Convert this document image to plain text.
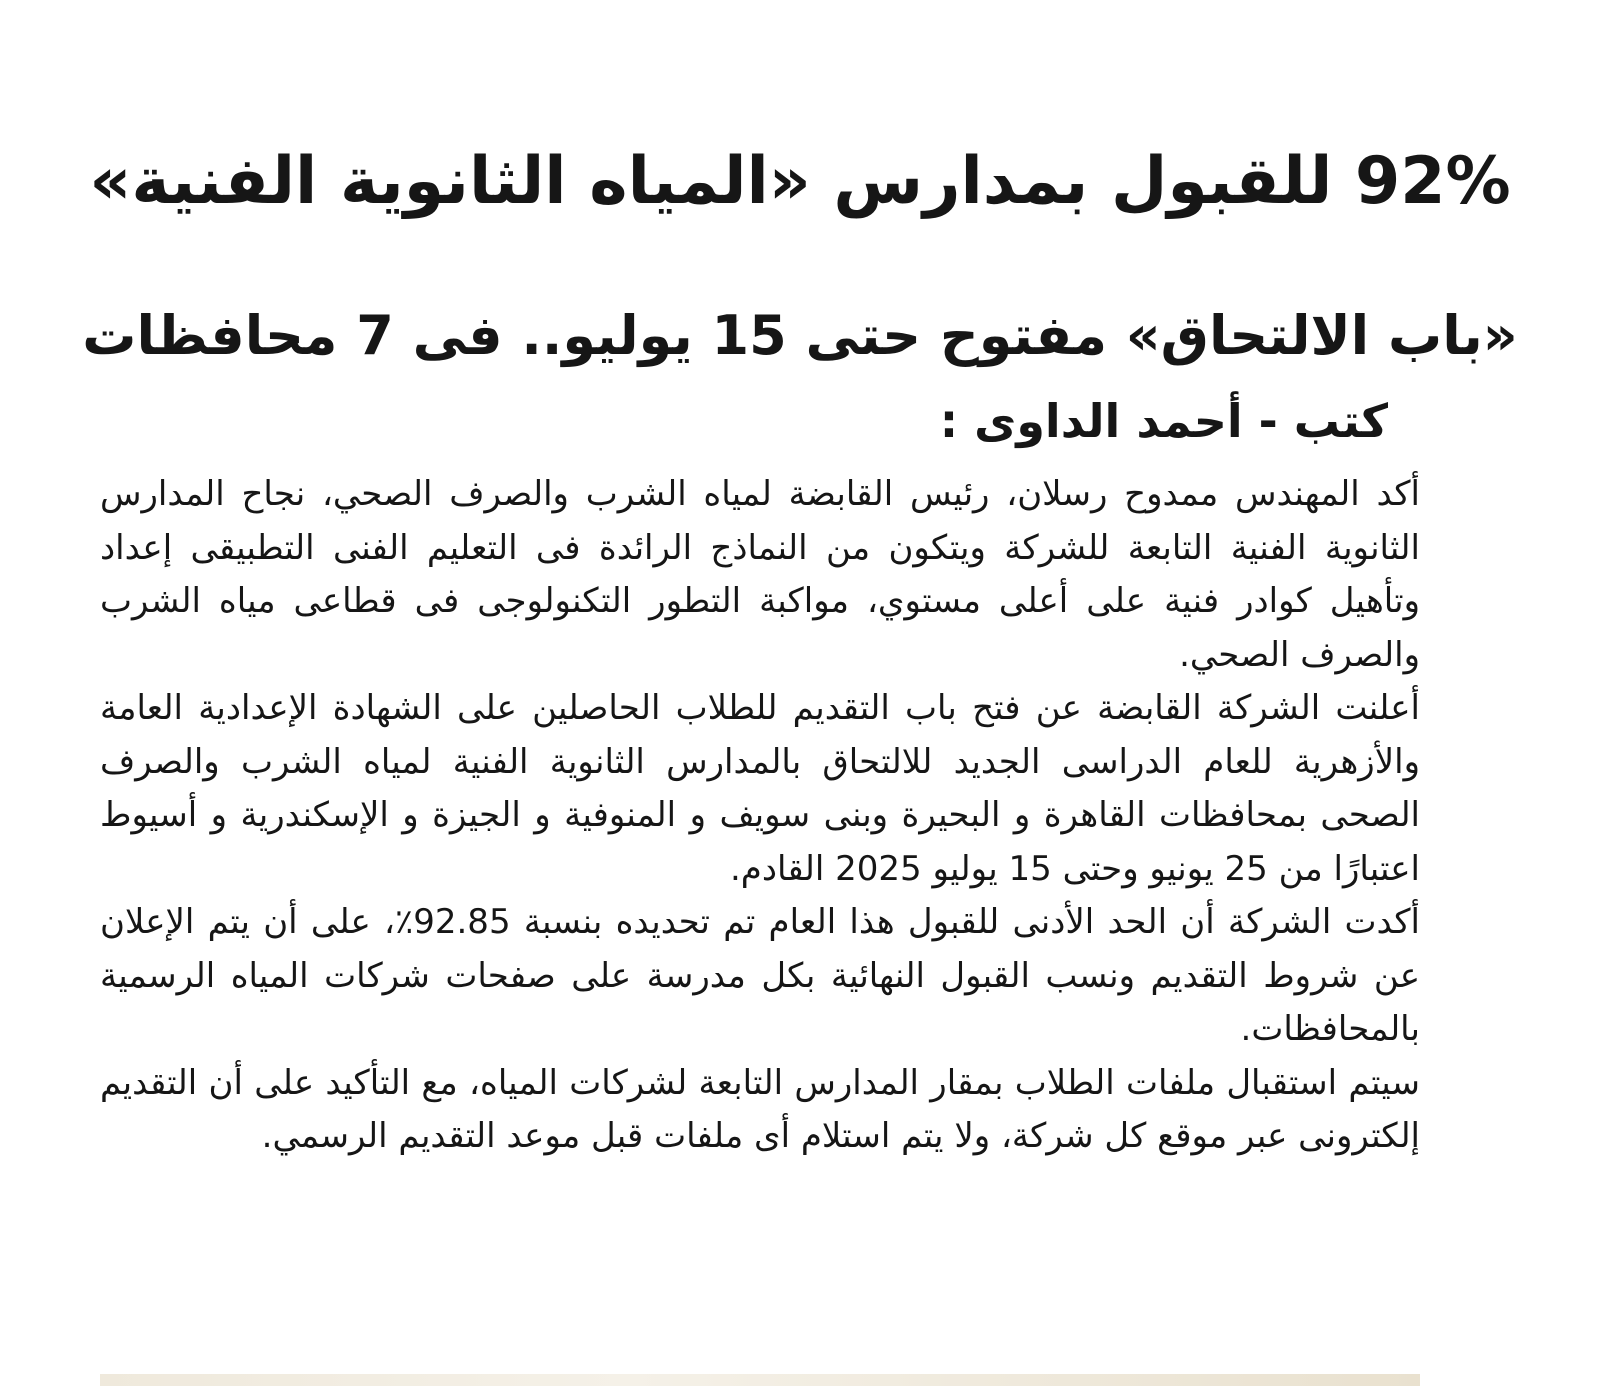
92% للقبول بمدارس «المياه الثانوية الفنية»
«باب الالتحاق» مفتوح حتى 15 يوليو.. فى 7 محافظات
كتب - أحمد الداوى :

أكد المهندس ممدوح رسلان، رئيس القابضة لمياه الشرب والصرف الصحي، نجاح المدارس الثانوية الفنية التابعة للشركة ويتكون من النماذج الرائدة فى التعليم الفنى التطبيقى إعداد وتأهيل كوادر فنية على أعلى مستوي، مواكبة التطور التكنولوجى فى قطاعى مياه الشرب والصرف الصحي.

أعلنت الشركة القابضة عن فتح باب التقديم للطلاب الحاصلين على الشهادة الإعدادية العامة والأزهرية للعام الدراسى الجديد للالتحاق بالمدارس الثانوية الفنية لمياه الشرب والصرف الصحى بمحافظات القاهرة و البحيرة وبنى سويف و المنوفية و الجيزة و الإسكندرية و أسيوط اعتبارًا من 25 يونيو وحتى 15 يوليو 2025 القادم.

أكدت الشركة أن الحد الأدنى للقبول هذا العام تم تحديده بنسبة 92.85٪، على أن يتم الإعلان عن شروط التقديم ونسب القبول النهائية بكل مدرسة على صفحات شركات المياه الرسمية بالمحافظات.

سيتم استقبال ملفات الطلاب بمقار المدارس التابعة لشركات المياه، مع التأكيد على أن التقديم إلكترونى عبر موقع كل شركة، ولا يتم استلام أى ملفات قبل موعد التقديم الرسمي.
